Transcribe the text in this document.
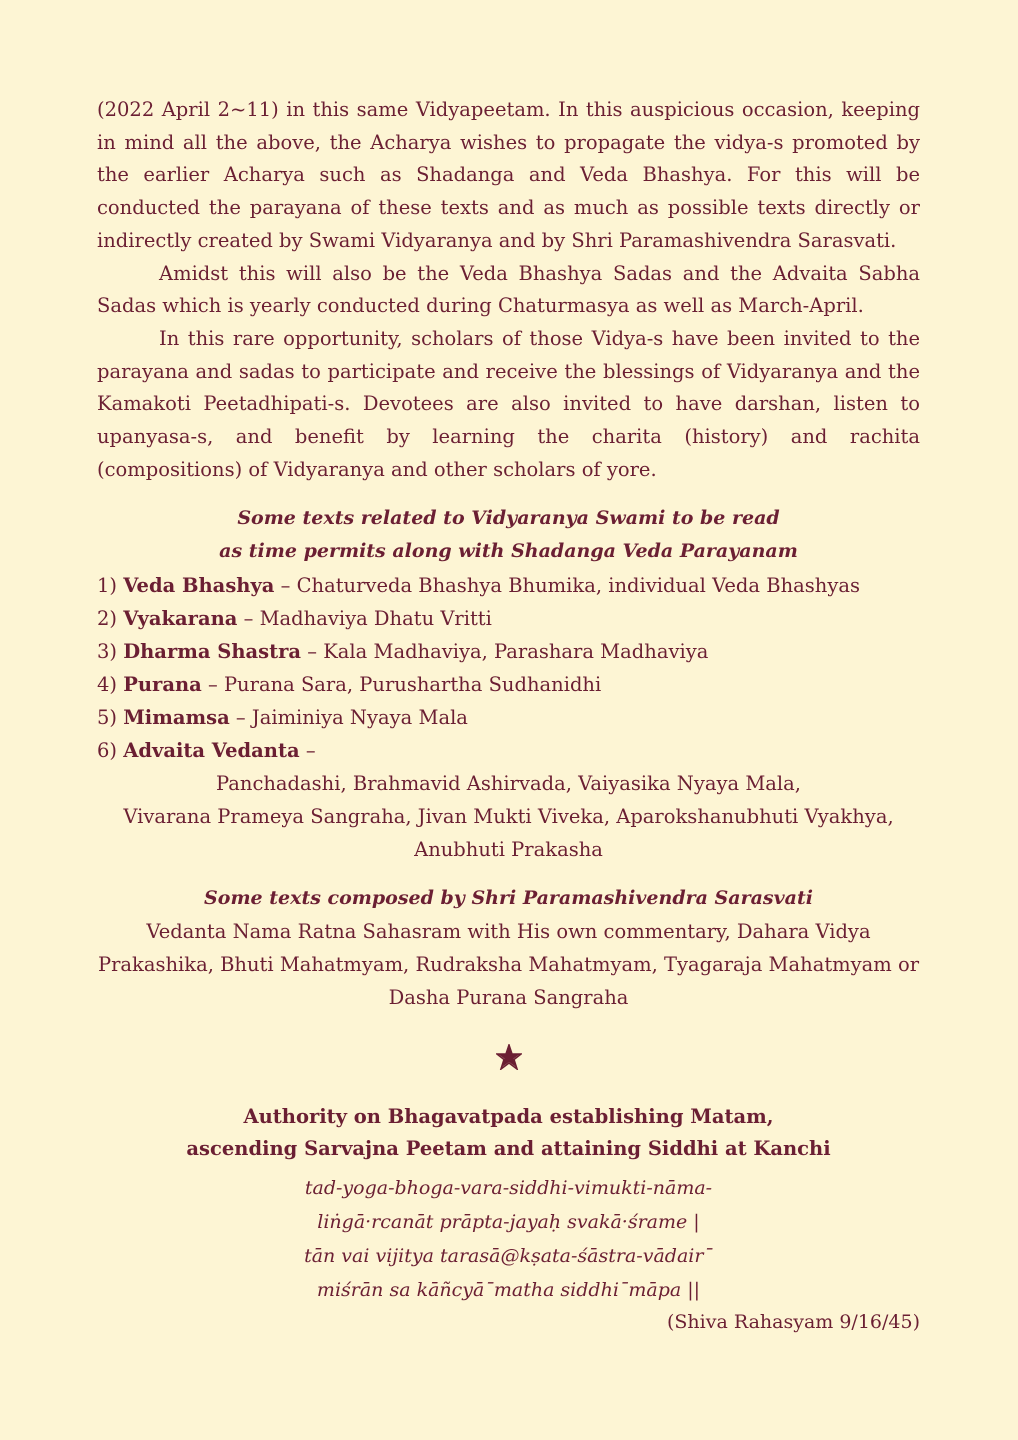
(2022 April 2~11) in this same Vidyapeetam. In this auspicious occasion, keeping in mind all the above, the Acharya wishes to propagate the vidya-s promoted by the earlier Acharya such as Shadanga and Veda Bhashya. For this will be conducted the parayana of these texts and as much as possible texts directly or indirectly created by Swami Vidyaranya and by Shri Paramashivendra Sarasvati.

Amidst this will also be the Veda Bhashya Sadas and the Advaita Sabha Sadas which is yearly conducted during Chaturmasya as well as March-April.

In this rare opportunity, scholars of those Vidya-s have been invited to the parayana and sadas to participate and receive the blessings of Vidyaranya and the Kamakoti Peetadhipati-s. Devotees are also invited to have darshan, listen to upanyasa-s, and benefit by learning the charita (history) and rachita (compositions) of Vidyaranya and other scholars of yore.

Some texts related to Vidyaranya Swami to be read
as time permits along with Shadanga Veda Parayanam
1) Veda Bhashya – Chaturveda Bhashya Bhumika, individual Veda Bhashyas
2) Vyakarana – Madhaviya Dhatu Vritti
3) Dharma Shastra – Kala Madhaviya, Parashara Madhaviya
4) Purana – Purana Sara, Purushartha Sudhanidhi
5) Mimamsa – Jaiminiya Nyaya Mala
6) Advaita Vedanta –
Panchadashi, Brahmavid Ashirvada, Vaiyasika Nyaya Mala,
Vivarana Prameya Sangraha, Jivan Mukti Viveka, Aparokshanubhuti Vyakhya,
Anubhuti Prakasha
Some texts composed by Shri Paramashivendra Sarasvati
Vedanta Nama Ratna Sahasram with His own commentary, Dahara Vidya
Prakashika, Bhuti Mahatmyam, Rudraksha Mahatmyam, Tyagaraja Mahatmyam or
Dasha Purana Sangraha
Authority on Bhagavatpada establishing Matam,
ascending Sarvajna Peetam and attaining Siddhi at Kanchi
tad-yoga-bhoga-vara-siddhi-vimukti-nāma-
liṅgā·rcanāt prāpta-jayaḥ svakā·śrame |
tān vai vijitya tarasā@kṣata-śāstra-vādair¯
miśrān sa kāñcyā¯matha siddhi¯māpa ||
(Shiva Rahasyam 9/16/45)
